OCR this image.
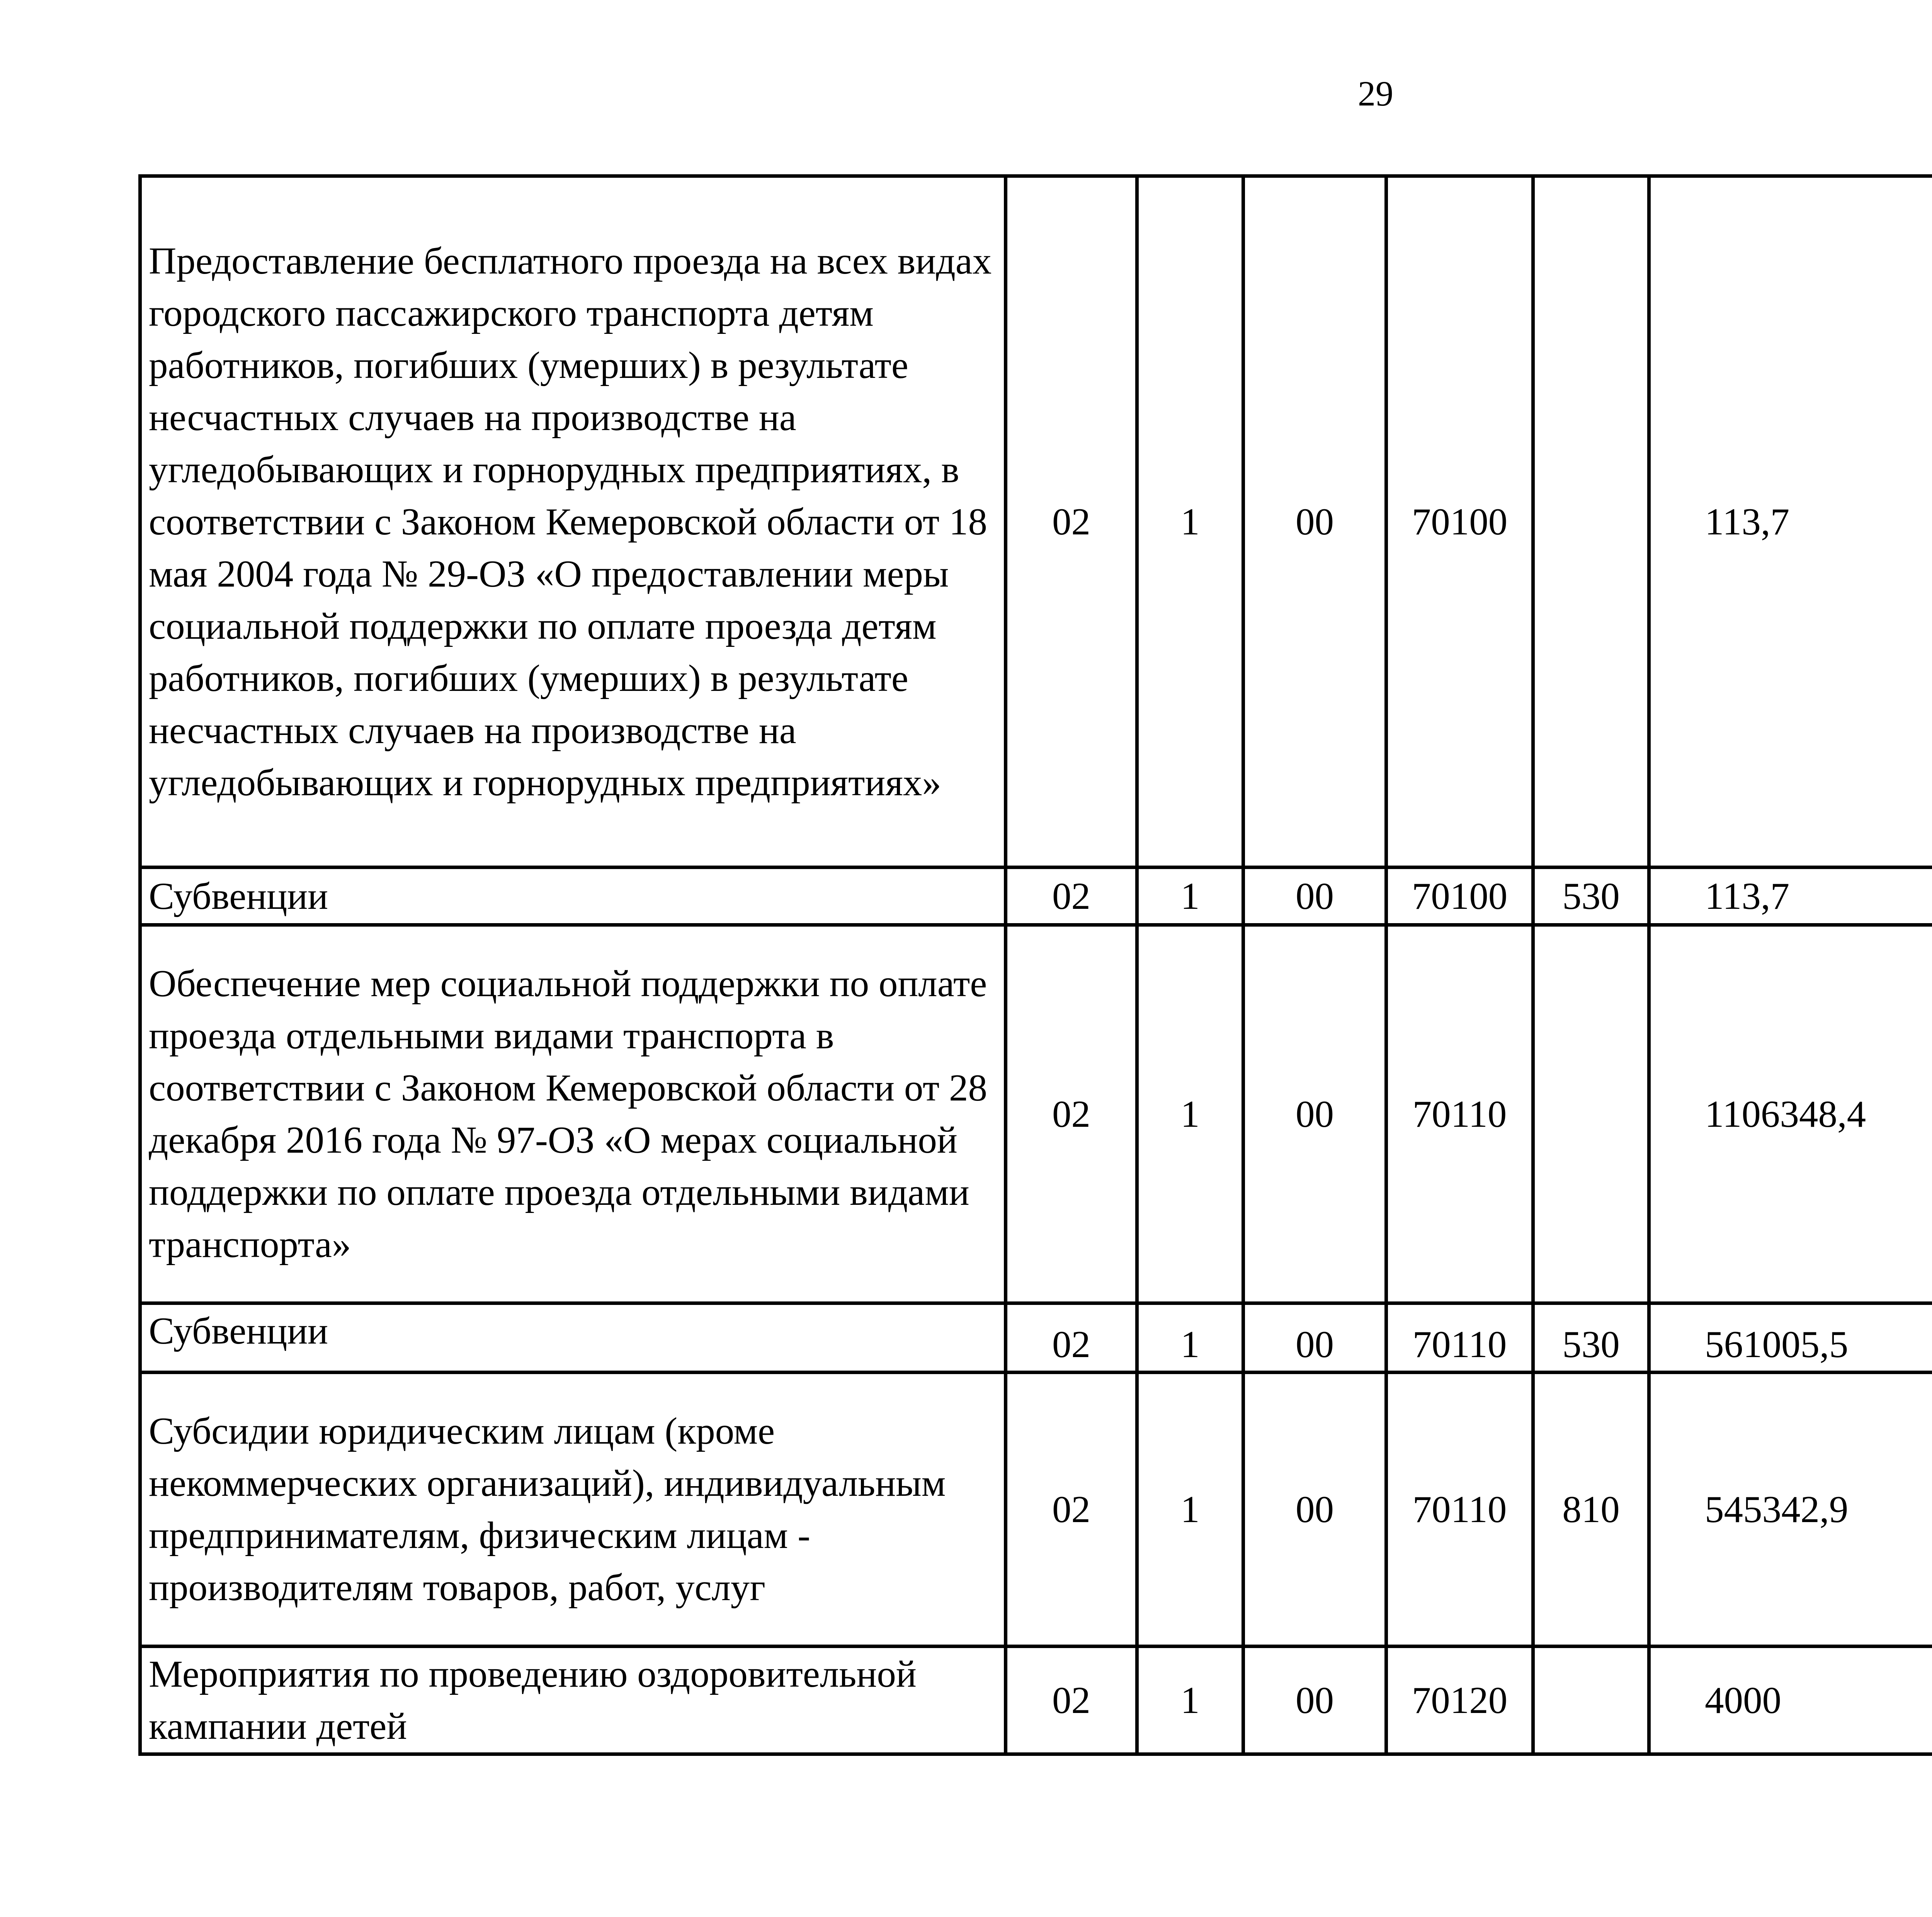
29
Предоставление бесплатного проезда на всех видах городского пассажирского транспорта детям работников, погибших (умерших) в результате несчастных случаев на производстве на угледобывающих и горнорудных предприятиях, в соответствии с Законом Кемеровской области от 18 мая 2004 года № 29-ОЗ «О предоставлении меры социальной поддержки по оплате проезда детям работников, погибших (умерших) в результате несчастных случаев на производстве на угледобывающих и горнорудных предприятиях»	02	1	00	70100		113,7		
Субвенции	02	1	00	70100	530	113,7		
Обеспечение мер социальной поддержки по оплате проезда отдельными видами транспорта в соответствии с Законом Кемеровской области от 28 декабря 2016 года № 97-ОЗ «О мерах социальной поддержки по оплате проезда отдельными видами транспорта»	02	1	00	70110		1106348,4		
Субвенции	02	1	00	70110	530	561005,5		
Субсидии юридическим лицам (кроме некоммерческих организаций), индивидуальным предпринимателям, физическим лицам - производителям товаров, работ, услуг	02	1	00	70110	810	545342,9		
Мероприятия по проведению оздоровительной кампании детей	02	1	00	70120		4000		
